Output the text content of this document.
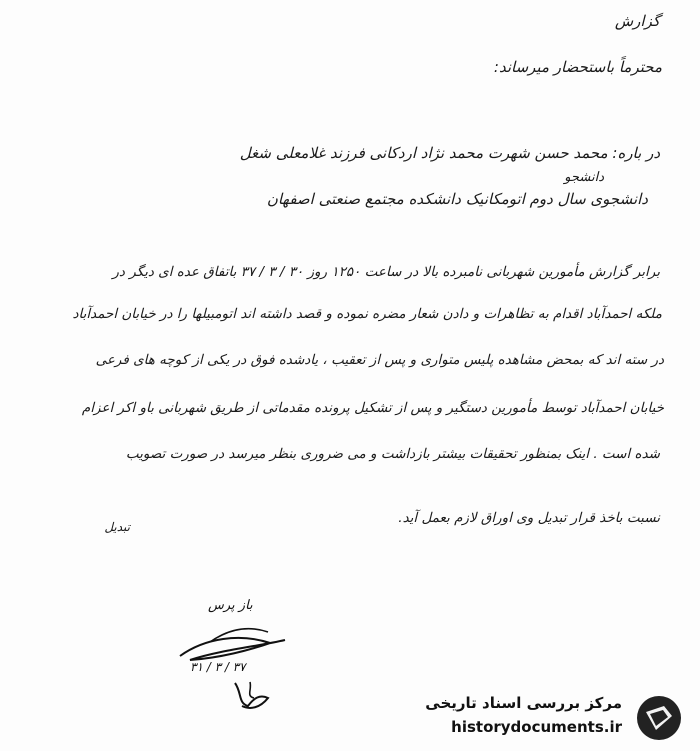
گزارش
محترماً باستحضار میرساند:
در باره: محمد حسن شهرت محمد نژاد اردکانی فرزند غلامعلی شغل
دانشجو
دانشجوی سال دوم اتومکانیک دانشکده مجتمع صنعتی اصفهان
برابر گزارش مأمورین شهربانی نامبرده بالا در ساعت ۱۲۵۰ روز ۳۰ / ۳ / ۳۷ باتفاق عده ای دیگر در
ملکه احمدآباد اقدام به تظاهرات و دادن شعار مضره نموده و قصد داشته اند اتومبیلها را در خیابان احمدآباد
در سته اند که بمحض مشاهده پلیس متواری و پس از تعقیب ، یادشده فوق در یکی از کوچه های فرعی
خیابان احمدآباد توسط مأمورین دستگیر و پس از تشکیل پرونده مقدماتی از طریق شهربانی باو اکر اعزام
شده است . اینک بمنظور تحقیقات بیشتر بازداشت و می ضروری بنظر میرسد در صورت تصویب
نسبت باخذ قرار تبدیل وی اوراق لازم بعمل آید.
تبدیل
باز پرس
۳۱ / ۳ / ۳۷
مرکز بررسی اسناد تاریخی
historydocuments.ir
